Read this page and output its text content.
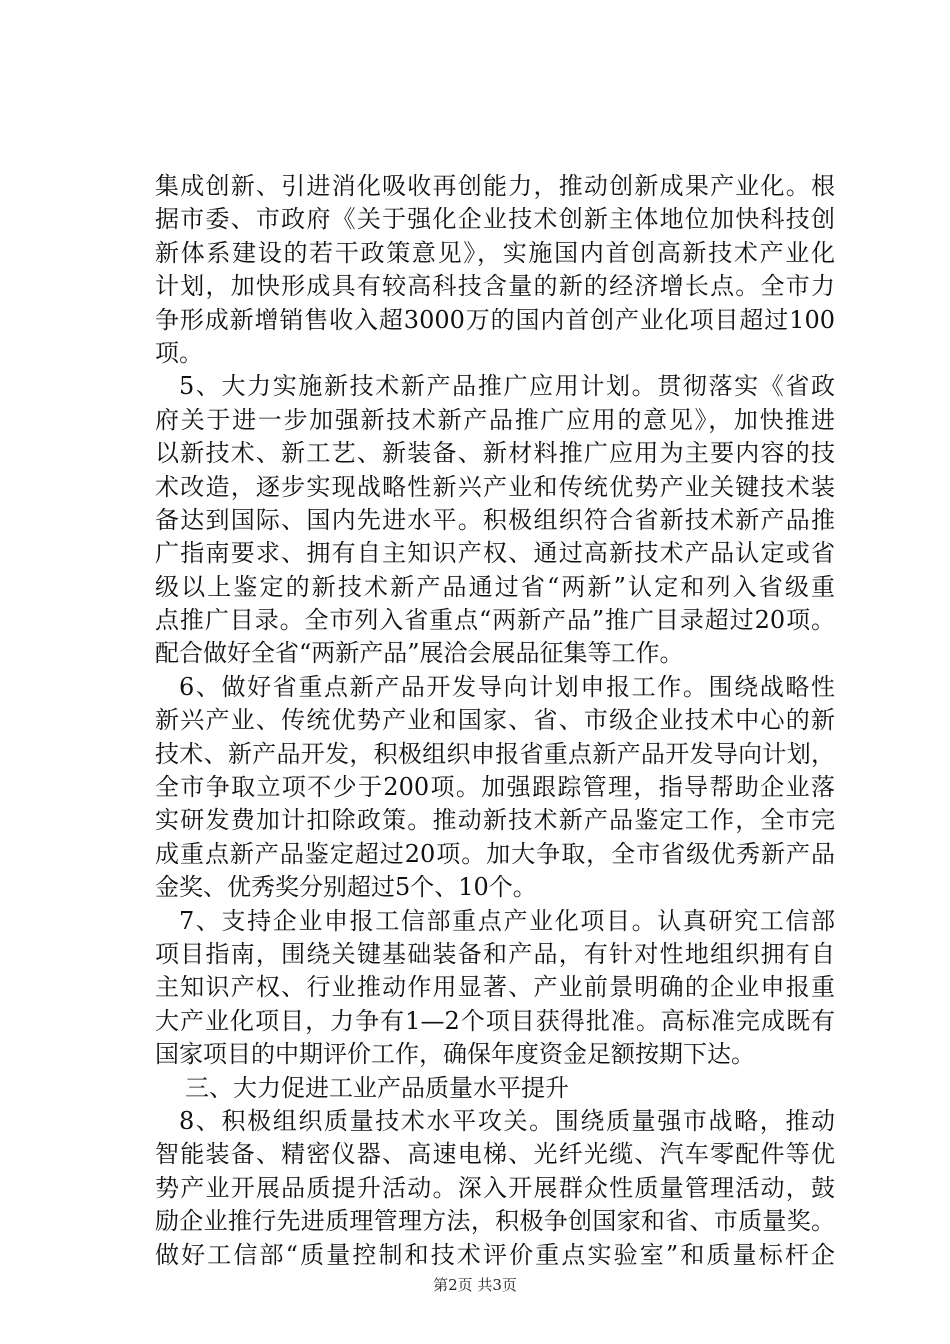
集成创新、引进消化吸收再创能力，推动创新成果产业化。根
据市委、市政府《关于强化企业技术创新主体地位加快科技创
新体系建设的若干政策意见》，实施国内首创高新技术产业化
计划，加快形成具有较高科技含量的新的经济增长点。全市力
争形成新增销售收入超3000万的国内首创产业化项目超过100
项。
5、大力实施新技术新产品推广应用计划。贯彻落实《省政
府关于进一步加强新技术新产品推广应用的意见》，加快推进
以新技术、新工艺、新装备、新材料推广应用为主要内容的技
术改造，逐步实现战略性新兴产业和传统优势产业关键技术装
备达到国际、国内先进水平。积极组织符合省新技术新产品推
广指南要求、拥有自主知识产权、通过高新技术产品认定或省
级以上鉴定的新技术新产品通过省“两新”认定和列入省级重
点推广目录。全市列入省重点“两新产品”推广目录超过20项。
配合做好全省“两新产品”展洽会展品征集等工作。
6、做好省重点新产品开发导向计划申报工作。围绕战略性
新兴产业、传统优势产业和国家、省、市级企业技术中心的新
技术、新产品开发，积极组织申报省重点新产品开发导向计划，
全市争取立项不少于200项。加强跟踪管理，指导帮助企业落
实研发费加计扣除政策。推动新技术新产品鉴定工作，全市完
成重点新产品鉴定超过20项。加大争取，全市省级优秀新产品
金奖、优秀奖分别超过5个、10个。
7、支持企业申报工信部重点产业化项目。认真研究工信部
项目指南，围绕关键基础装备和产品，有针对性地组织拥有自
主知识产权、行业推动作用显著、产业前景明确的企业申报重
大产业化项目，力争有1—2个项目获得批准。高标准完成既有
国家项目的中期评价工作，确保年度资金足额按期下达。
三、大力促进工业产品质量水平提升
8、积极组织质量技术水平攻关。围绕质量强市战略，推动
智能装备、精密仪器、高速电梯、光纤光缆、汽车零配件等优
势产业开展品质提升活动。深入开展群众性质量管理活动，鼓
励企业推行先进质理管理方法，积极争创国家和省、市质量奖。
做好工信部“质量控制和技术评价重点实验室”和质量标杆企
第2页 共3页
